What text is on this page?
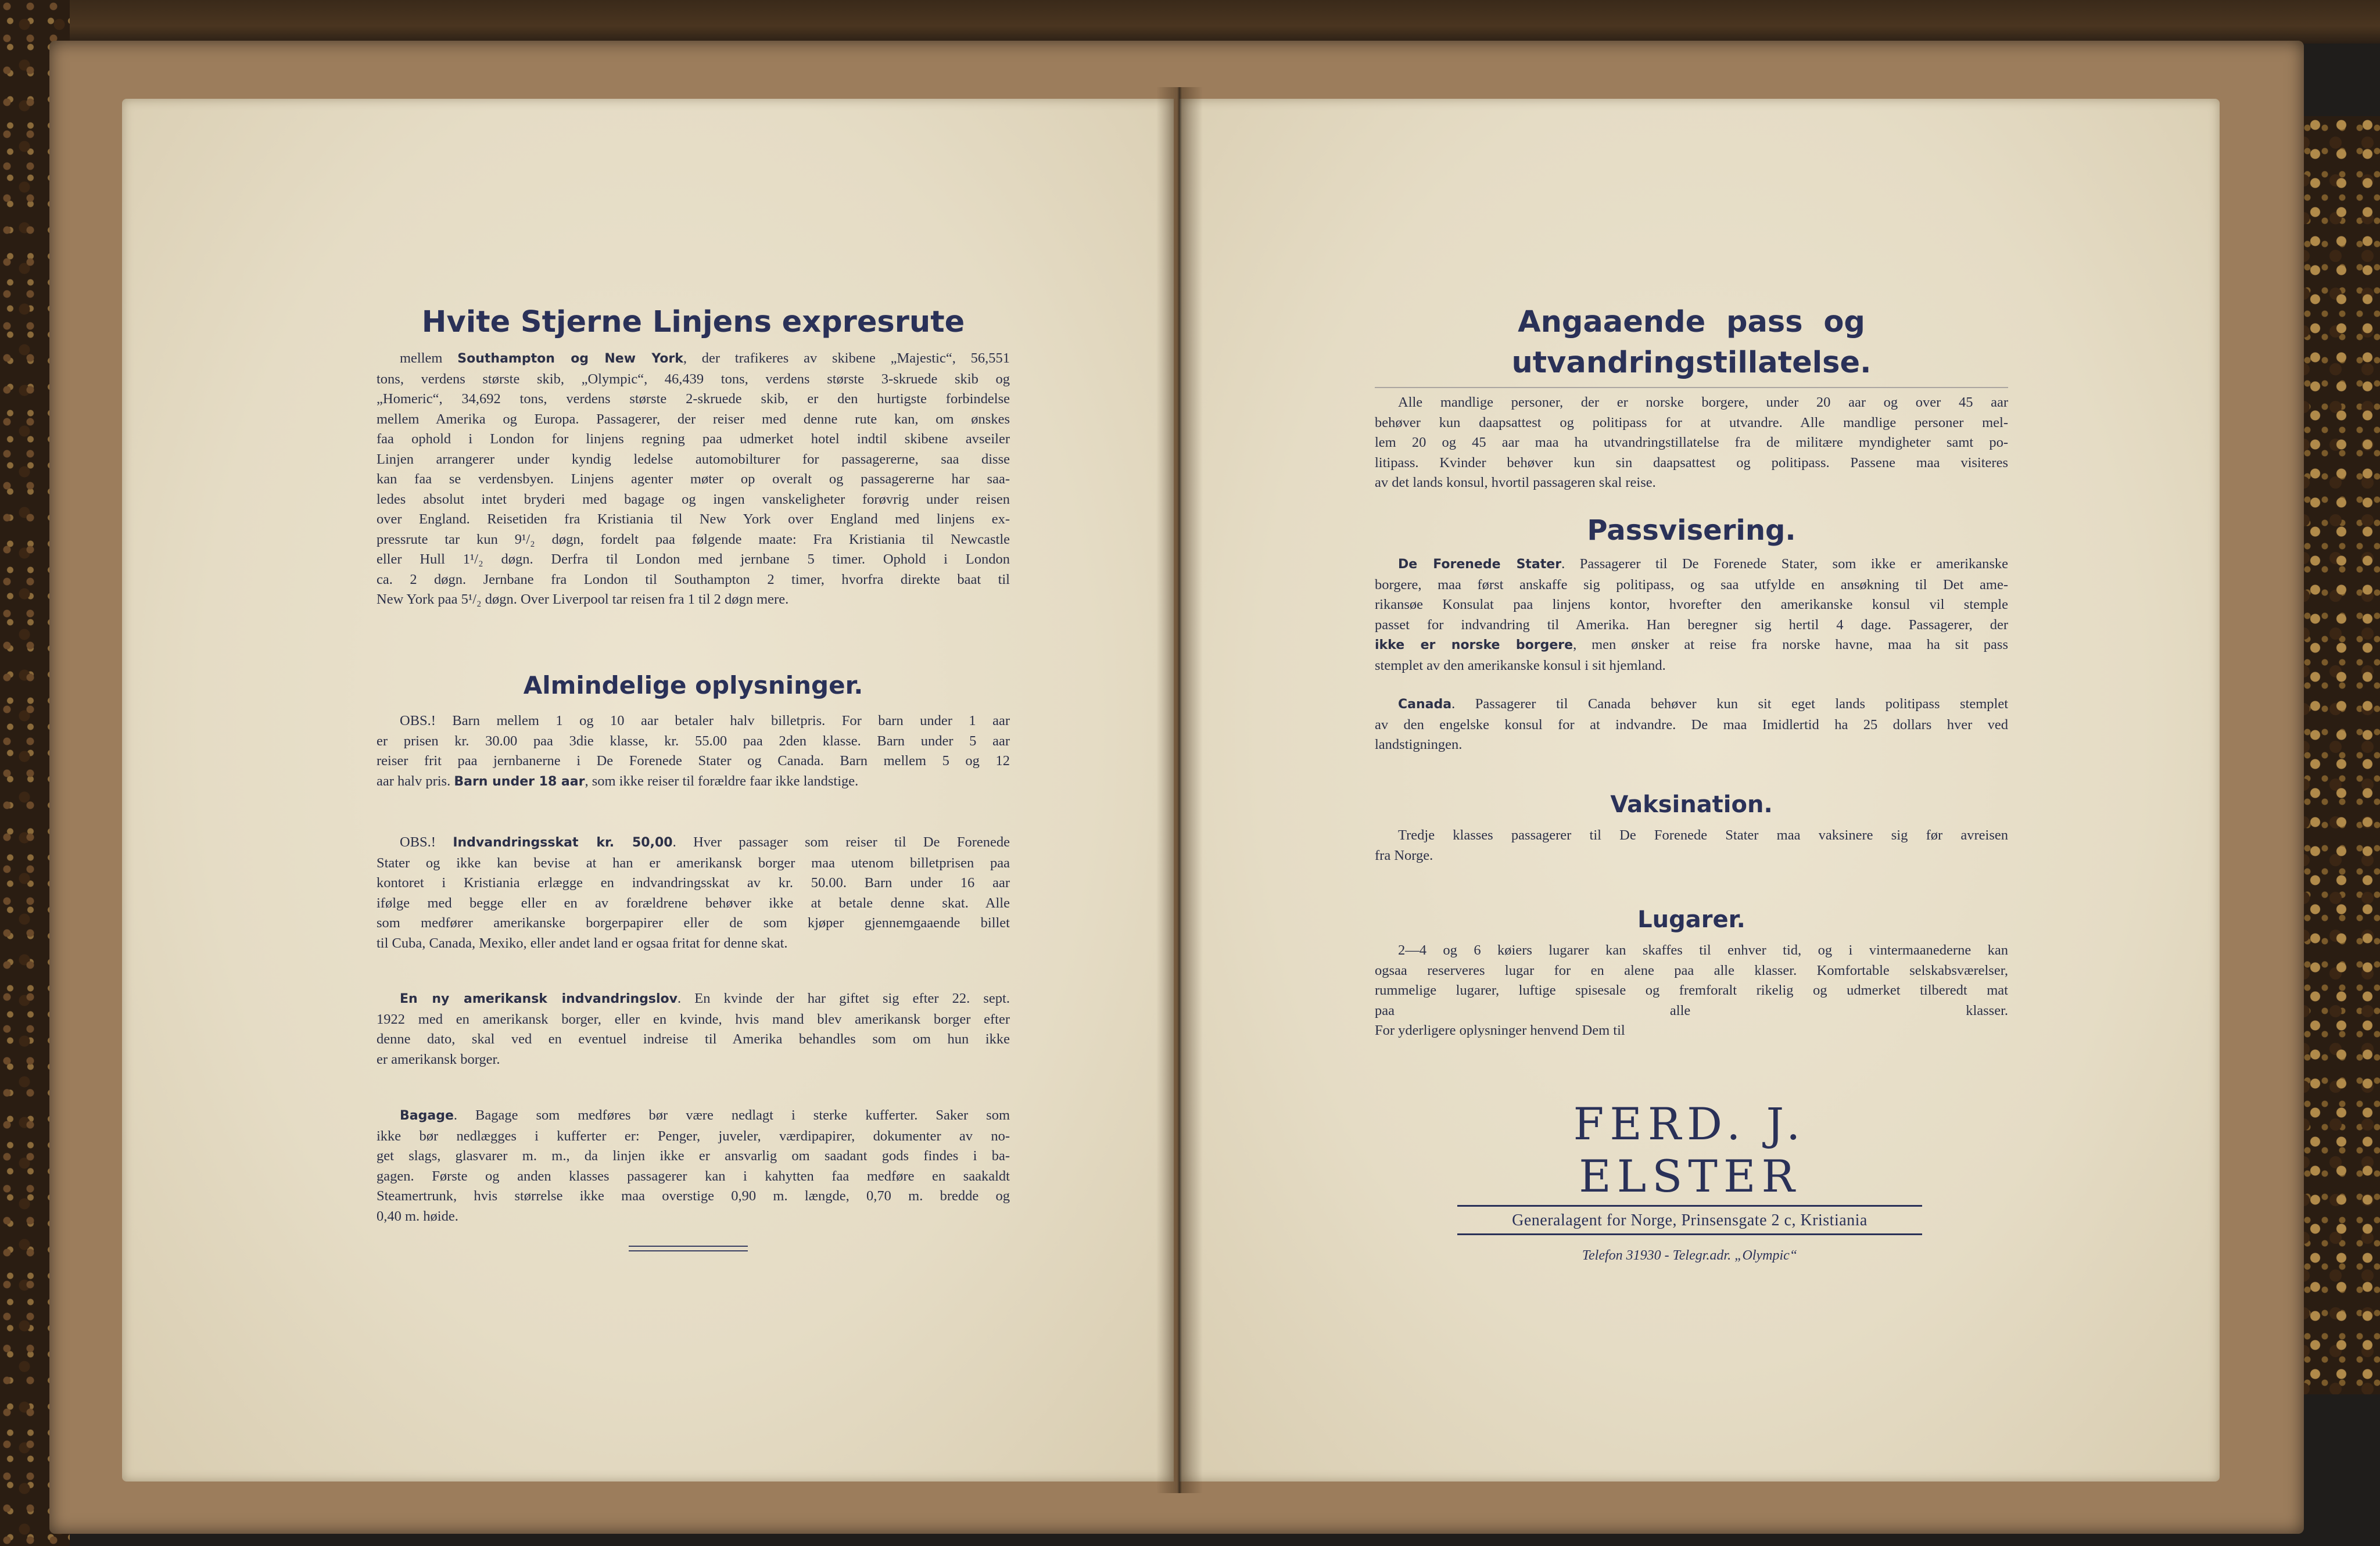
Hvite Stjerne Linjens expresrute

mellem Southampton og New York, der trafikeres av skibene „Majestic“, 56,551
tons, verdens største skib, „Olympic“, 46,439 tons, verdens største 3-skruede skib og
„Homeric“, 34,692 tons, verdens største 2-skruede skib, er den hurtigste forbindelse
mellem Amerika og Europa. Passagerer, der reiser med denne rute kan, om ønskes
faa ophold i London for linjens regning paa udmerket hotel indtil skibene avseiler
Linjen arrangerer under kyndig ledelse automobilturer for passagererne, saa disse
kan faa se verdensbyen. Linjens agenter møter op overalt og passagererne har saa-
ledes absolut intet bryderi med bagage og ingen vanskeligheter forøvrig under reisen
over England. Reisetiden fra Kristiania til New York over England med linjens ex-
pressrute tar kun 9¹/₂ døgn, fordelt paa følgende maate: Fra Kristiania til Newcastle
eller Hull 1¹/₂ døgn. Derfra til London med jernbane 5 timer. Ophold i London
ca. 2 døgn. Jernbane fra London til Southampton 2 timer, hvorfra direkte baat til
New York paa 5¹/₂ døgn. Over Liverpool tar reisen fra 1 til 2 døgn mere.

Almindelige oplysninger.

OBS.! Barn mellem 1 og 10 aar betaler halv billetpris. For barn under 1 aar
er prisen kr. 30.00 paa 3die klasse, kr. 55.00 paa 2den klasse. Barn under 5 aar
reiser frit paa jernbanerne i De Forenede Stater og Canada. Barn mellem 5 og 12
aar halv pris. Barn under 18 aar, som ikke reiser til forældre faar ikke landstige.

OBS.! Indvandringsskat kr. 50,00. Hver passager som reiser til De Forenede
Stater og ikke kan bevise at han er amerikansk borger maa utenom billetprisen paa
kontoret i Kristiania erlægge en indvandringsskat av kr. 50.00. Barn under 16 aar
ifølge med begge eller en av forældrene behøver ikke at betale denne skat. Alle
som medfører amerikanske borgerpapirer eller de som kjøper gjennemgaaende billet
til Cuba, Canada, Mexiko, eller andet land er ogsaa fritat for denne skat.

En ny amerikansk indvandringslov. En kvinde der har giftet sig efter 22. sept.
1922 med en amerikansk borger, eller en kvinde, hvis mand blev amerikansk borger efter
denne dato, skal ved en eventuel indreise til Amerika behandles som om hun ikke
er amerikansk borger.

Bagage. Bagage som medføres bør være nedlagt i sterke kufferter. Saker som
ikke bør nedlægges i kufferter er: Penger, juveler, værdipapirer, dokumenter av no-
get slags, glasvarer m. m., da linjen ikke er ansvarlig om saadant gods findes i ba-
gagen. Første og anden klasses passagerer kan i kahytten faa medføre en saakaldt
Steamertrunk, hvis størrelse ikke maa overstige 0,90 m. længde, 0,70 m. bredde og
0,40 m. høide.

Angaaende pass og utvandringstillatelse.

Alle mandlige personer, der er norske borgere, under 20 aar og over 45 aar
behøver kun daapsattest og politipass for at utvandre. Alle mandlige personer mel-
lem 20 og 45 aar maa ha utvandringstillatelse fra de militære myndigheter samt po-
litipass. Kvinder behøver kun sin daapsattest og politipass. Passene maa visiteres
av det lands konsul, hvortil passageren skal reise.

Passvisering.

De Forenede Stater. Passagerer til De Forenede Stater, som ikke er amerikanske
borgere, maa først anskaffe sig politipass, og saa utfylde en ansøkning til Det ame-
rikansøe Konsulat paa linjens kontor, hvorefter den amerikanske konsul vil stemple
passet for indvandring til Amerika. Han beregner sig hertil 4 dage. Passagerer, der
ikke er norske borgere, men ønsker at reise fra norske havne, maa ha sit pass
stemplet av den amerikanske konsul i sit hjemland.

Canada. Passagerer til Canada behøver kun sit eget lands politipass stemplet
av den engelske konsul for at indvandre. De maa Imidlertid ha 25 dollars hver ved
landstigningen.

Vaksination.

Tredje klasses passagerer til De Forenede Stater maa vaksinere sig før avreisen
fra Norge.

Lugarer.

2—4 og 6 køiers lugarer kan skaffes til enhver tid, og i vintermaanederne kan
ogsaa reserveres lugar for en alene paa alle klasser. Komfortable selskabsværelser,
rummelige lugarer, luftige spisesale og fremforalt rikelig og udmerket tilberedt mat
paa alle klasser.
For yderligere oplysninger henvend Dem til

FERD. J. ELSTER
Generalagent for Norge, Prinsensgate 2 c, Kristiania
Telefon 31930 - Telegr.adr. „Olympic“
